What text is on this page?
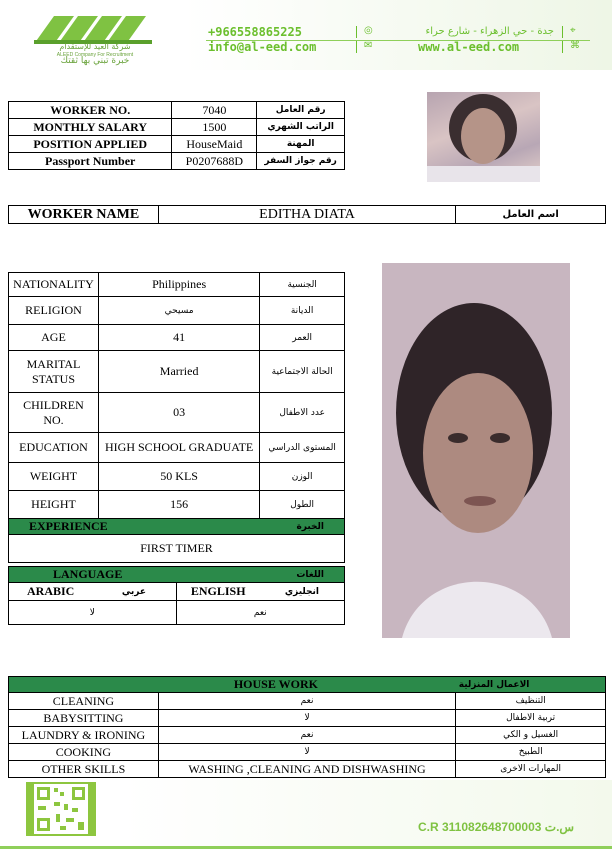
شركة العيد للإستقدام
ALEED Company For Recruitment
خبرة تبني بها ثقتك
+966558865225	◎	جدة - حي الزهراء - شارع حراء ⌖
info@al-eed.com	✉	www.al-eed.com	⌘
WORKER NO.	7040	رقم العامل
MONTHLY SALARY	1500	الراتب الشهري
POSITION APPLIED	HouseMaid	المهنة
Passport Number	P0207688D	رقم جواز السفر
WORKER NAME	EDITHA DIATA	اسم العامل
NATIONALITY	Philippines	الجنسية
RELIGION	مسيحي	الديانة
AGE	41	العمر
MARITAL STATUS	Married	الحالة الاجتماعية
CHILDREN NO.	03	عدد الاطفال
EDUCATION	HIGH SCHOOL GRADUATE	المستوى الدراسي
WEIGHT	50 KLS	الوزن
HEIGHT	156	الطول
EXPERIENCE	الخبرة
FIRST TIMER
LANGUAGE		اللغات	
ARABIC	عربي	ENGLISH	انجليزي
لا		نعم	
HOUSE WORK		الاعمال المنزلية
CLEANING	نعم	التنظيف
BABYSITTING	لا	تربية الاطفال
LAUNDRY & IRONING	نعم	الغسيل و الكي
COOKING	لا	الطبيخ
OTHER SKILLS	WASHING ,CLEANING AND DISHWASHING	المهارات الاخرى
C.R 311082648700003 س.ت
